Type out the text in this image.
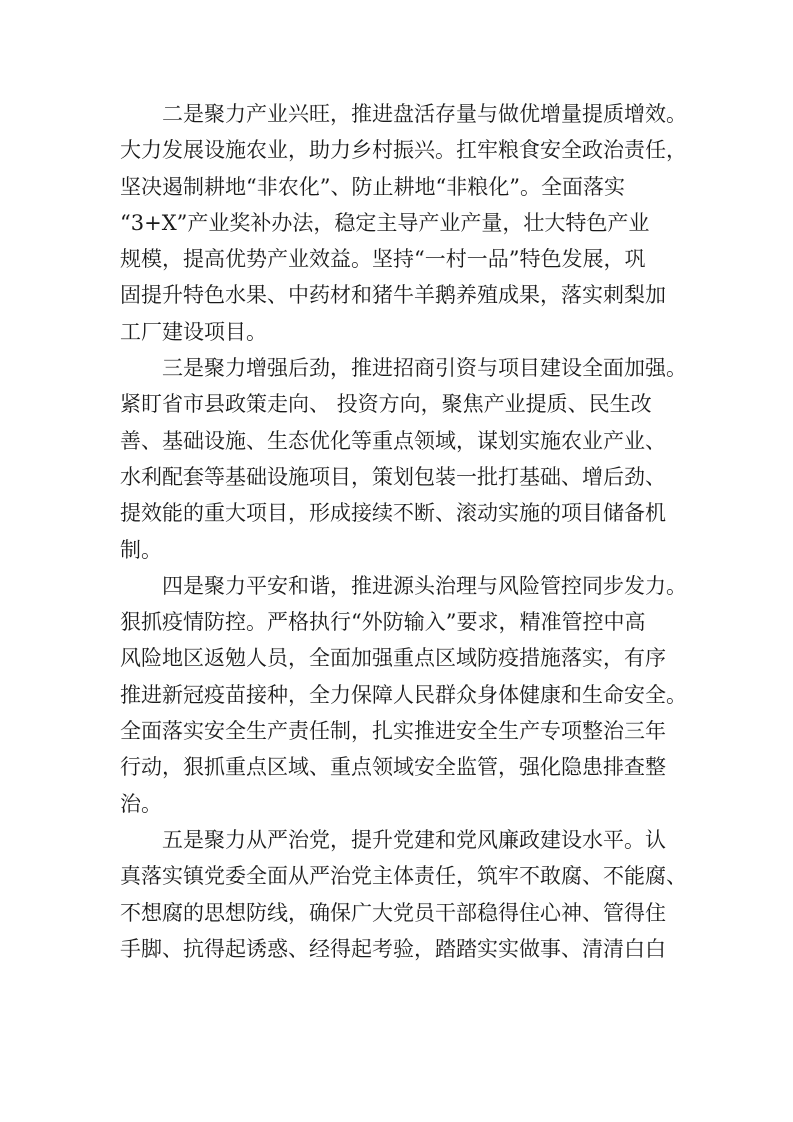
　　二是聚力产业兴旺，推进盘活存量与做优增量提质增效。
大力发展设施农业，助力乡村振兴。扛牢粮食安全政治责任，
坚决遏制耕地“非农化”、防止耕地“非粮化”。全面落实
“3+X”产业奖补办法，稳定主导产业产量，壮大特色产业
规模，提高优势产业效益。坚持“一村一品”特色发展，巩
固提升特色水果、中药材和猪牛羊鹅养殖成果，落实刺梨加
工厂建设项目。
　　三是聚力增强后劲，推进招商引资与项目建设全面加强。
紧盯省市县政策走向、 投资方向，聚焦产业提质、民生改
善、基础设施、生态优化等重点领域，谋划实施农业产业、
水利配套等基础设施项目，策划包装一批打基础、增后劲、
提效能的重大项目，形成接续不断、滚动实施的项目储备机
制。
　　四是聚力平安和谐，推进源头治理与风险管控同步发力。
狠抓疫情防控。严格执行“外防输入”要求，精准管控中高
风险地区返勉人员，全面加强重点区域防疫措施落实，有序
推进新冠疫苗接种，全力保障人民群众身体健康和生命安全。
全面落实安全生产责任制，扎实推进安全生产专项整治三年
行动，狠抓重点区域、重点领域安全监管，强化隐患排查整
治。
　　五是聚力从严治党，提升党建和党风廉政建设水平。认
真落实镇党委全面从严治党主体责任，筑牢不敢腐、不能腐、
不想腐的思想防线，确保广大党员干部稳得住心神、管得住
手脚、抗得起诱惑、经得起考验，踏踏实实做事、清清白白
